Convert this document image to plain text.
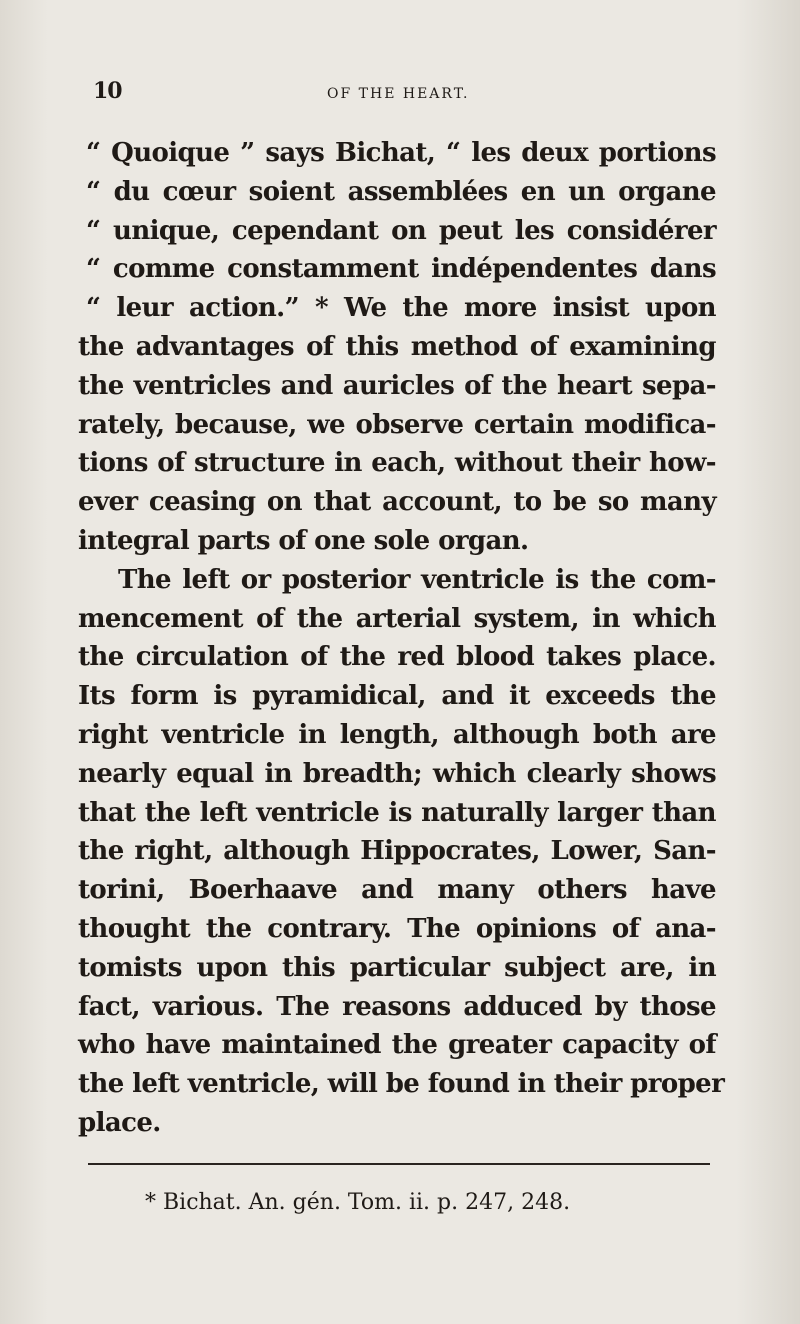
10	OF THE HEART.
“ Quoique ” says Bichat, “ les deux portions
“ du cœur soient assemblées en un organe
“ unique, cependant on peut les considérer
“ comme constamment indépendentes dans
“ leur action.” * We the more insist upon
the advantages of this method of examining
the ventricles and auricles of the heart sepa-
rately, because, we observe certain modifica-
tions of structure in each, without their how-
ever ceasing on that account, to be so many
integral parts of one sole organ.
The left or posterior ventricle is the com-
mencement of the arterial system, in which
the circulation of the red blood takes place.
Its form is pyramidical, and it exceeds the
right ventricle in length, although both are
nearly equal in breadth; which clearly shows
that the left ventricle is naturally larger than
the right, although Hippocrates, Lower, San-
torini, Boerhaave and many others have
thought the contrary. The opinions of ana-
tomists upon this particular subject are, in
fact, various. The reasons adduced by those
who have maintained the greater capacity of
the left ventricle, will be found in their proper
place.
* Bichat. An. gén. Tom. ii. p. 247, 248.
